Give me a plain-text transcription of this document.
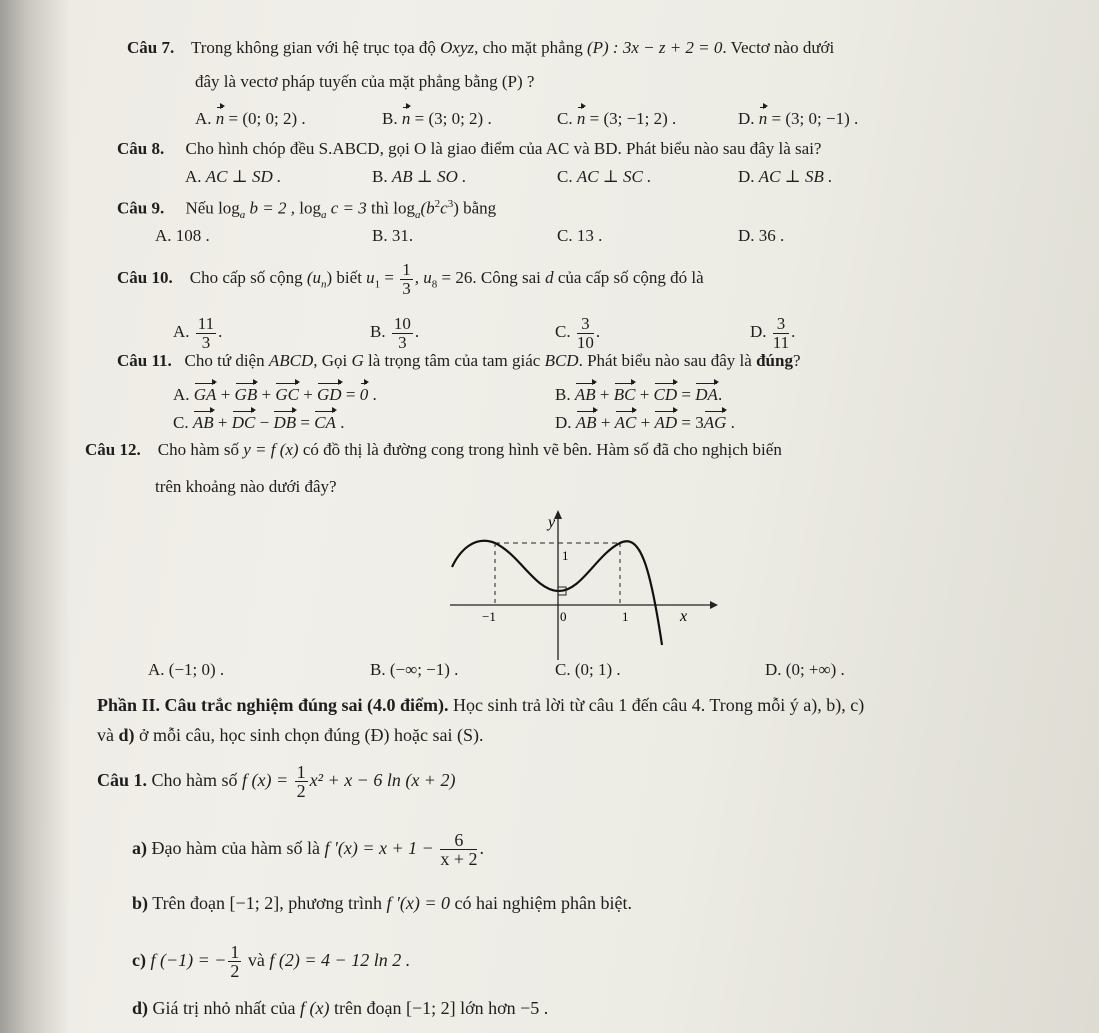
Câu 7. Trong không gian với hệ trục tọa độ Oxyz, cho mặt phẳng (P) : 3x − z + 2 = 0. Vectơ nào dưới
đây là vectơ pháp tuyến của mặt phẳng bằng (P) ?
A. n = (0; 0; 2) .	B. n = (3; 0; 2) .	C. n = (3; −1; 2) .	D. n = (3; 0; −1) .
Câu 8. Cho hình chóp đều S.ABCD, gọi O là giao điểm của AC và BD. Phát biểu nào sau đây là sai?
A. AC ⊥ SD .	B. AB ⊥ SO .	C. AC ⊥ SC .	D. AC ⊥ SB .
Câu 9. Nếu $\log_a b = 2$ , $\log_a c = 3$ thì $\log_a(b^2c^3)$ bằng
A. 108 .	B. 31.	C. 13 .	D. 36 .
Câu 10. Cho cấp số cộng $(u_n)$ biết $u_1 = \frac{1}{3}$ , $u_8 = 26$. Công sai d của cấp số cộng đó là
A. $\frac{11}{3}$ .	B. $\frac{10}{3}$ .	C. $\frac{3}{10}$ .	D. $\frac{3}{11}$ .
Câu 11. Cho tứ diện ABCD, Gọi G là trọng tâm của tam giác BCD. Phát biểu nào sau đây là đúng?
A. GA + GB + GC + GD = 0 .	B. AB + BC + CD = DA.
C. AB + DC − DB = CA .	D. AB + AC + AD = 3AG .
Câu 12. Cho hàm số y = f (x) có đồ thị là đường cong trong hình vẽ bên. Hàm số đã cho nghịch biến
trên khoảng nào dưới đây?
y
1
−1	0	1	x
A. (−1; 0) .	B. (−∞; −1) .	C. (0; 1) .	D. (0; +∞) .
Phần II. Câu trắc nghiệm đúng sai (4.0 điểm). Học sinh trả lời từ câu 1 đến câu 4. Trong mỗi ý a), b), c)
và d) ở mỗi câu, học sinh chọn đúng (Đ) hoặc sai (S).
Câu 1. Cho hàm số f $(x) = \frac{1}{2} x^2 + x - 6$ ln (x + 2)
a) Đạo hàm của hàm số là f $'(x) = x + 1 - \frac{6}{x + 2}$ .
b) Trên đoạn [−1; 2], phương trình f ′(x) = 0 có hai nghiệm phân biệt.
c) f (−1) = − $\frac{1}{2}$ và f (2) = 4 − 12 ln 2 .
d) Giá trị nhỏ nhất của f (x) trên đoạn [−1; 2] lớn hơn −5 .
